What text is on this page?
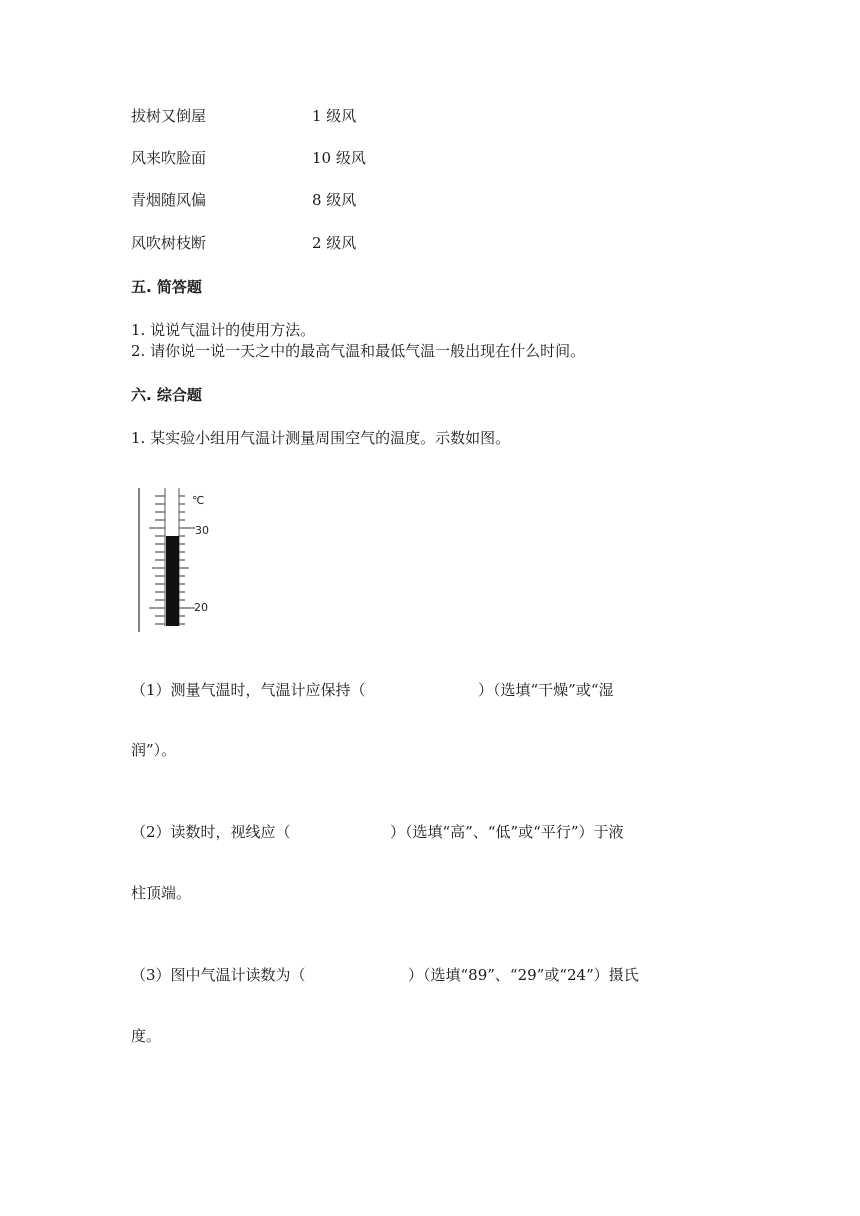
拔树又倒屋	1 级风
风来吹脸面	10 级风
青烟随风偏	8 级风
风吹树枝断	2 级风
五. 简答题
1. 说说气温计的使用方法。
2. 请你说一说一天之中的最高气温和最低气温一般出现在什么时间。
六. 综合题
1. 某实验小组用气温计测量周围空气的温度。示数如图。
℃
30
20
（1）测量气温时，气温计应保持（	）（选填“干燥”或“湿
润”）。
（2）读数时，视线应（	）（选填“高”、“低”或“平行”）于液
柱顶端。
（3）图中气温计读数为（	）（选填“89”、“29”或“24”）摄氏
度。
